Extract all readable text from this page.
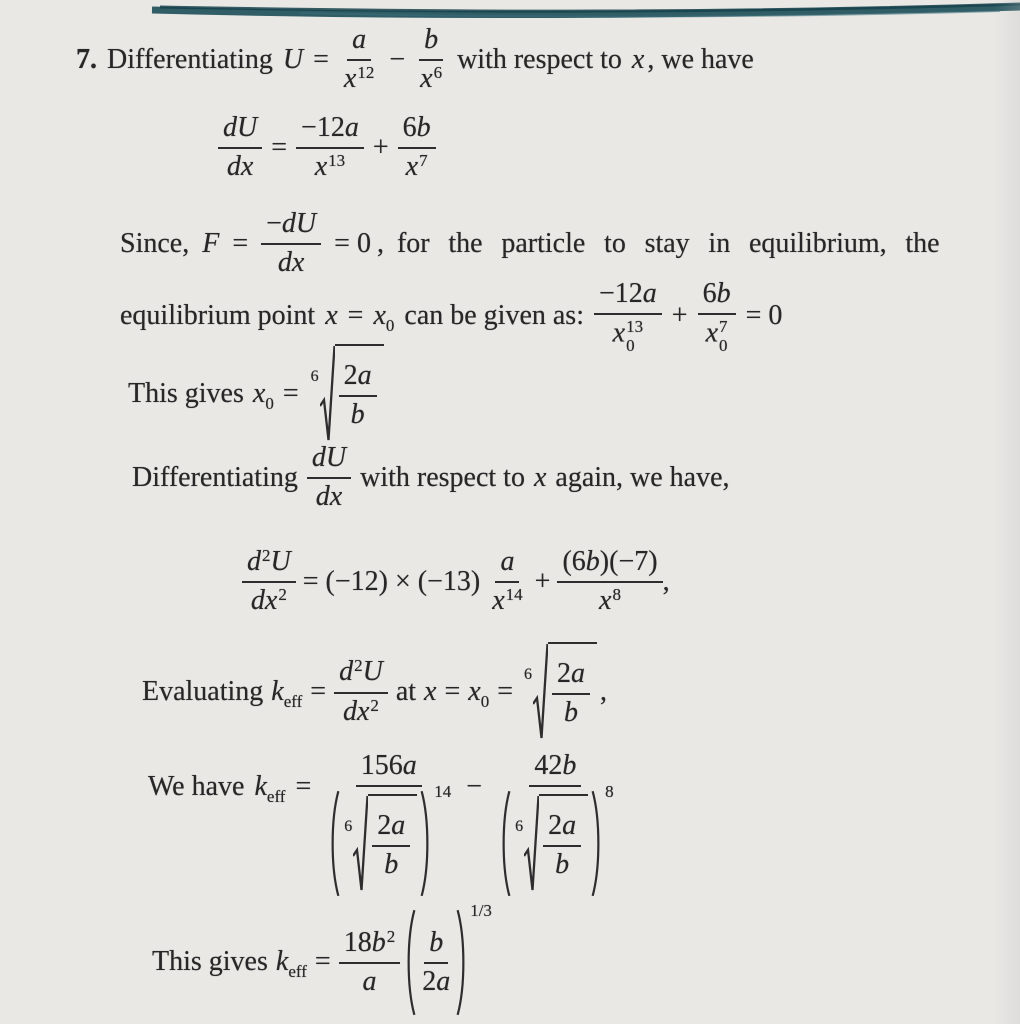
7. Differentiating $U = \frac{a}{x12} - \frac{b}{x6}$ with respect to x , we have
$\frac{dU}{dx} = \frac{-12a}{x13} + \frac{6b}{x7}$
Since, $F = \frac{-dU}{dx} = 0$ , for the particle to stay in equilibrium, the
equilibrium point x = x0 can be given as: −12a
x 13
0 + 6b
x 7
0 = 0
This gives x0 =
$6 \frac{2a}{b}$
Differentiating $\frac{dU}{dx}$ with respect to x again, we have,
$\frac{d2U}{dx2} = (-12) \times (-13) \frac{a}{x14} + \frac{(6b)(-7)}{x8}$ ,
Evaluating keff = $\frac{d2U}{dx2}$ at x = x0 =
$6 \frac{2a}{b}$ ,
We have keff =
156a
$6 \frac{2a}{b}$
14 −
42b
$6 \frac{2a}{b}$
8
This gives keff = $\frac{18b2}{a} \frac{b}{2a}$
1/3
